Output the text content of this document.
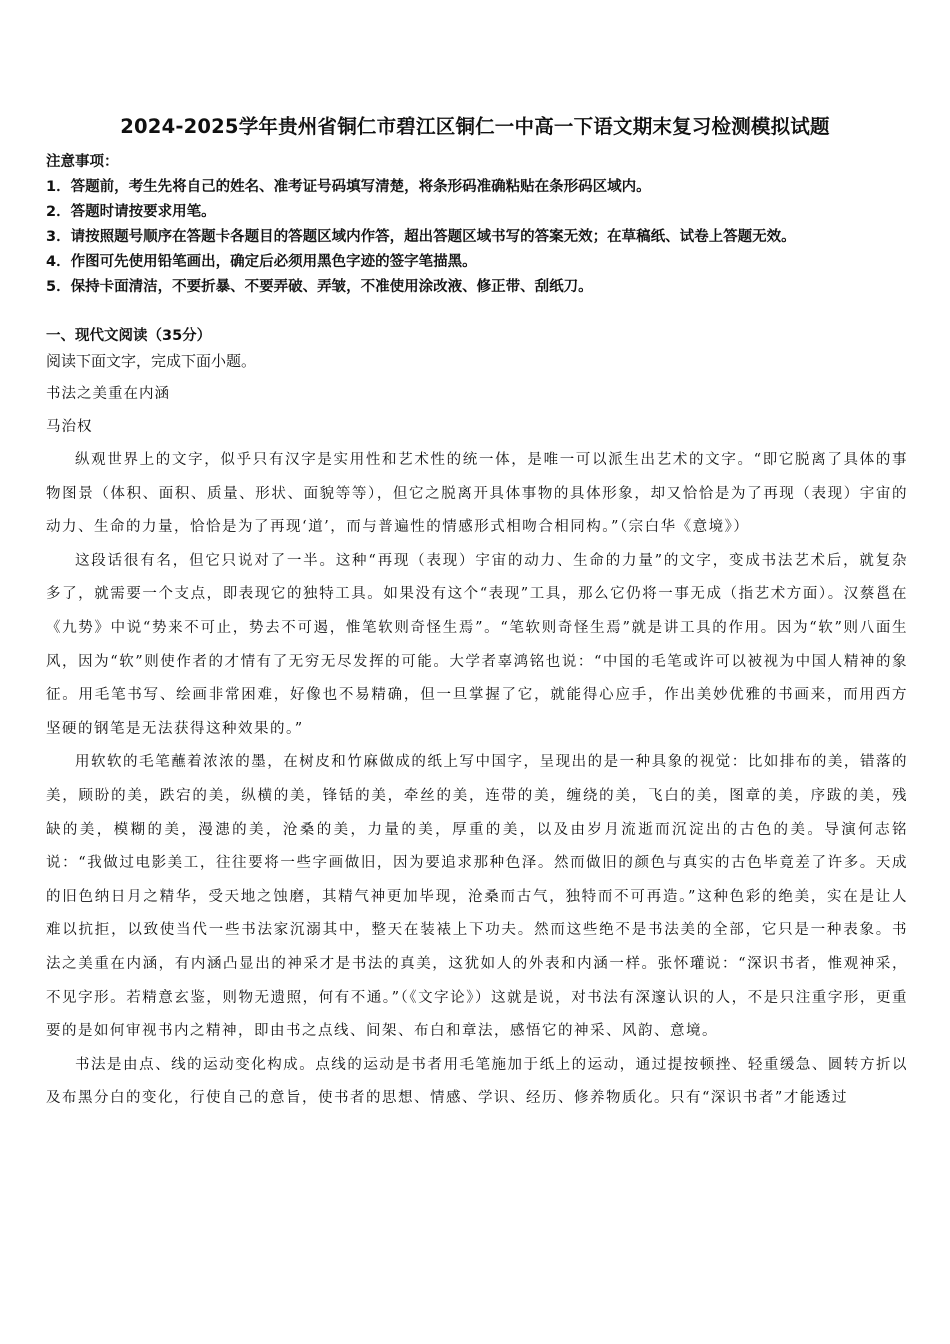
2024-2025学年贵州省铜仁市碧江区铜仁一中高一下语文期末复习检测模拟试题
注意事项：
1．答题前，考生先将自己的姓名、准考证号码填写清楚，将条形码准确粘贴在条形码区域内。
2．答题时请按要求用笔。
3．请按照题号顺序在答题卡各题目的答题区域内作答，超出答题区域书写的答案无效；在草稿纸、试卷上答题无效。
4．作图可先使用铅笔画出，确定后必须用黑色字迹的签字笔描黑。
5．保持卡面清洁，不要折暴、不要弄破、弄皱，不准使用涂改液、修正带、刮纸刀。
一、现代文阅读（35分）
阅读下面文字，完成下面小题。
书法之美重在内涵
马治权

纵观世界上的文字，似乎只有汉字是实用性和艺术性的统一体，是唯一可以派生出艺术的文字。“即它脱离了具体的事物图景（体积、面积、质量、形状、面貌等等），但它之脱离开具体事物的具体形象，却又恰恰是为了再现（表现）宇宙的动力、生命的力量，恰恰是为了再现‘道’，而与普遍性的情感形式相吻合相同构。”（宗白华《意境》）

这段话很有名，但它只说对了一半。这种“再现（表现）宇宙的动力、生命的力量”的文字，变成书法艺术后，就复杂多了，就需要一个支点，即表现它的独特工具。如果没有这个“表现”工具，那么它仍将一事无成（指艺术方面）。汉蔡邕在《九势》中说“势来不可止，势去不可遏，惟笔软则奇怪生焉”。“笔软则奇怪生焉”就是讲工具的作用。因为“软”则八面生风，因为“软”则使作者的才情有了无穷无尽发挥的可能。大学者辜鸿铭也说：“中国的毛笔或许可以被视为中国人精神的象征。用毛笔书写、绘画非常困难，好像也不易精确，但一旦掌握了它，就能得心应手，作出美妙优雅的书画来，而用西方坚硬的钢笔是无法获得这种效果的。”

用软软的毛笔蘸着浓浓的墨，在树皮和竹麻做成的纸上写中国字，呈现出的是一种具象的视觉：比如排布的美，错落的美，顾盼的美，跌宕的美，纵横的美，锋铦的美，牵丝的美，连带的美，缠绕的美，飞白的美，图章的美，序跋的美，残缺的美，模糊的美，漫漶的美，沧桑的美，力量的美，厚重的美，以及由岁月流逝而沉淀出的古色的美。导演何志铭说：“我做过电影美工，往往要将一些字画做旧，因为要追求那种色泽。然而做旧的颜色与真实的古色毕竟差了许多。天成的旧色纳日月之精华，受天地之蚀磨，其精气神更加毕现，沧桑而古气，独特而不可再造。”这种色彩的绝美，实在是让人难以抗拒，以致使当代一些书法家沉溺其中，整天在装裱上下功夫。然而这些绝不是书法美的全部，它只是一种表象。书法之美重在内涵，有内涵凸显出的神采才是书法的真美，这犹如人的外表和内涵一样。张怀瓘说：“深识书者，惟观神采，不见字形。若精意玄鉴，则物无遗照，何有不通。”（《文字论》）这就是说，对书法有深邃认识的人，不是只注重字形，更重要的是如何审视书内之精神，即由书之点线、间架、布白和章法，感悟它的神采、风韵、意境。

书法是由点、线的运动变化构成。点线的运动是书者用毛笔施加于纸上的运动，通过提按顿挫、轻重缓急、圆转方折以及布黑分白的变化，行使自己的意旨，使书者的思想、情感、学识、经历、修养物质化。只有“深识书者”才能透过
